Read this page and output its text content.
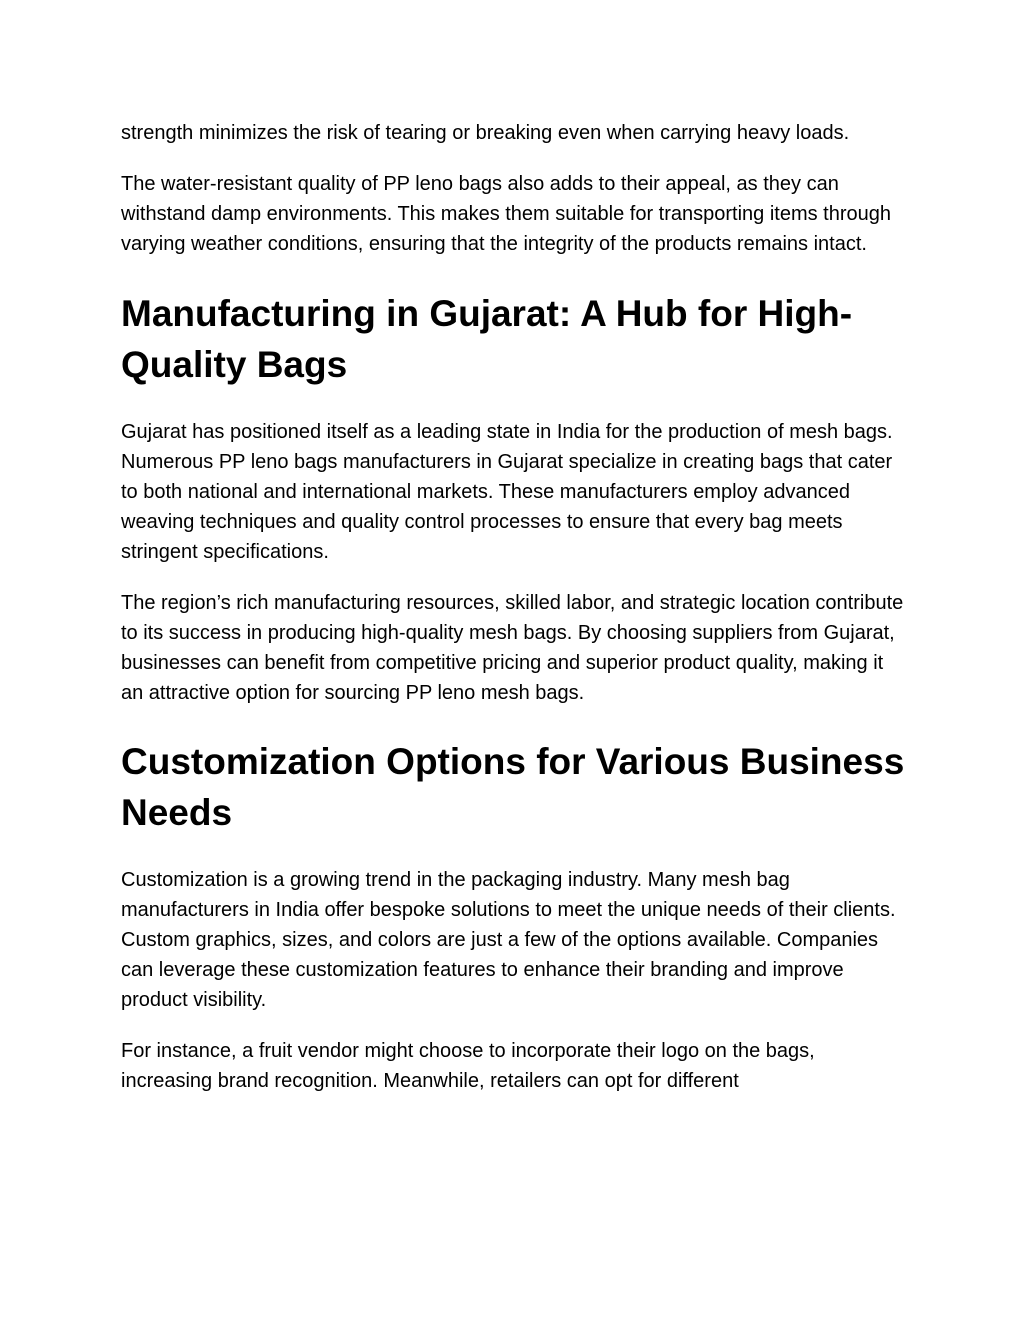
strength minimizes the risk of tearing or breaking even when carrying heavy loads.

The water-resistant quality of PP leno bags also adds to their appeal, as they can withstand damp environments. This makes them suitable for transporting items through varying weather conditions, ensuring that the integrity of the products remains intact.

Manufacturing in Gujarat: A Hub for High-Quality Bags

Gujarat has positioned itself as a leading state in India for the production of mesh bags. Numerous PP leno bags manufacturers in Gujarat specialize in creating bags that cater to both national and international markets. These manufacturers employ advanced weaving techniques and quality control processes to ensure that every bag meets stringent specifications.

The region’s rich manufacturing resources, skilled labor, and strategic location contribute to its success in producing high-quality mesh bags. By choosing suppliers from Gujarat, businesses can benefit from competitive pricing and superior product quality, making it an attractive option for sourcing PP leno mesh bags.

Customization Options for Various Business Needs

Customization is a growing trend in the packaging industry. Many mesh bag manufacturers in India offer bespoke solutions to meet the unique needs of their clients. Custom graphics, sizes, and colors are just a few of the options available. Companies can leverage these customization features to enhance their branding and improve product visibility.

For instance, a fruit vendor might choose to incorporate their logo on the bags, increasing brand recognition. Meanwhile, retailers can opt for different
